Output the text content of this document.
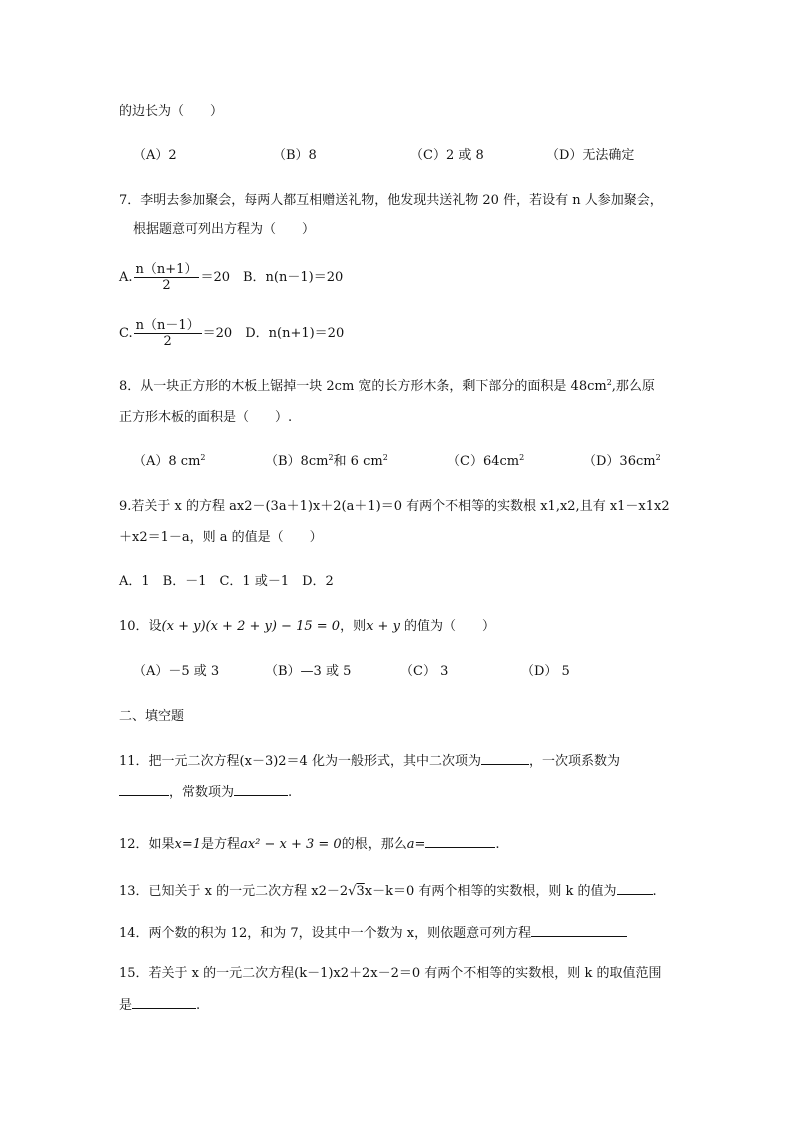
的边长为（　　）
（A）2	（B）8	（C）2 或 8	（D）无法确定
7．李明去参加聚会，每两人都互相赠送礼物，他发现共送礼物 20 件，若设有 n 人参加聚会，
根据题意可列出方程为（　　）
A. $\frac{n(n+1)}{2} =20$　B．n(n－1)＝20
C. $\frac{n(n-1)}{2} =20$　D．n(n+1)＝20
8．从一块正方形的木板上锯掉一块 2cm 宽的长方形木条，剩下部分的面积是 $48cm^2$,那么原
正方形木板的面积是（　　）.
（A）8 $cm^2$	$(B)8cm^2$和 6 $cm^2$	$(C)64cm^2$	$(D)36cm^2$
9.若关于 x 的方程 ax2－(3a＋1)x＋2(a＋1)＝0 有两个不相等的实数根 x1,x2,且有 x1－x1x2
＋x2＝1－a，则 a 的值是（　　）
A．1　B．－1　C．1 或－1　D．2
10．设(x + y)(x + 2 + y) − 15 = 0，则x + y 的值为（　　）
（A）－5 或 3	（B）—3 或 5	（C） 3	（D） 5
二、填空题
11．把一元二次方程(x－3)2＝4 化为一般形式，其中二次项为	，一次项系数为
，常数项为	.
12．如果x=1是方程ax² − x + 3 = 0的根，那么a=	.
13．已知关于 x 的一元二次方程 x2－2√3x－k＝0 有两个相等的实数根，则 k 的值为	.
14．两个数的积为 12，和为 7，设其中一个数为 x，则依题意可列方程
15．若关于 x 的一元二次方程(k－1)x2＋2x－2＝0 有两个不相等的实数根，则 k 的取值范围
是	.
